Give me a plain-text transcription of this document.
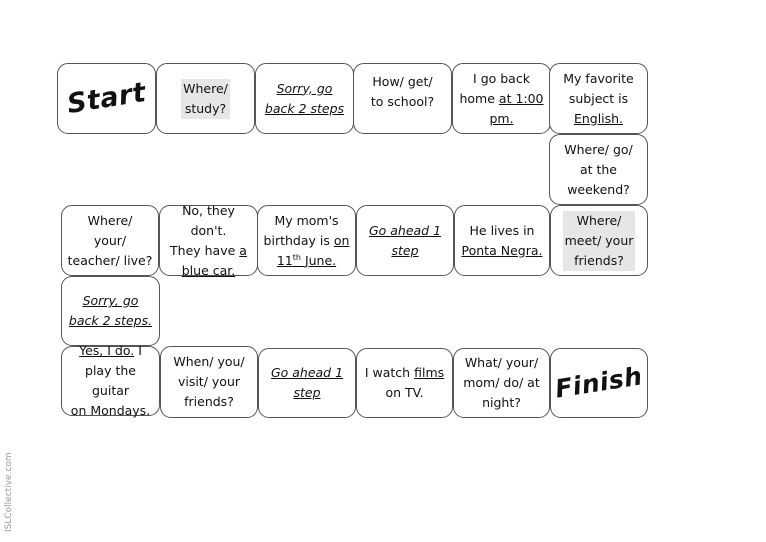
Start	Where/
study?
Sorry, go
back 2 steps
How/ get/
to school?
I go back
home at 1:00
pm.
My favorite
subject is
English.
Where/ go/
at the
weekend?
Where/
your/
teacher/ live?
No, they don't.
They have a
blue car.
My mom's
birthday is on
11th June.
Go ahead 1
step
He lives in
Ponta Negra.
Where/
meet/ your
friends?
Sorry, go
back 2 steps.
Yes, I do. I
play the guitar
on Mondays.
When/ you/
visit/ your
friends?
Go ahead 1
step
I watch films
on TV.
What/ your/
mom/ do/ at
night?	Finish
ISLCollective.com
